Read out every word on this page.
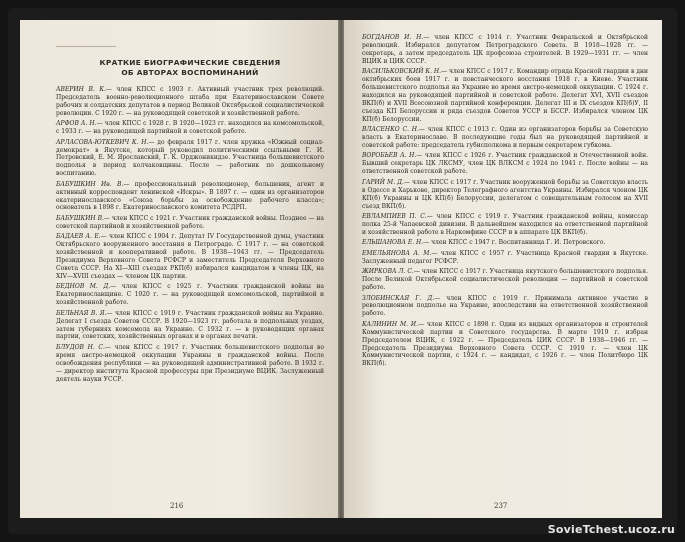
КРАТКИЕ БИОГРАФИЧЕСКИЕ СВЕДЕНИЯ
ОБ АВТОРАХ ВОСПОМИНАНИЙ

АВЕРИН В. К.— член КПСС с 1903 г. Активный участник трех революций. Председатель военно-революционного штаба при Екатеринославском Совете рабочих и солдатских депутатов в период Великой Октябрьской социалистической революции. С 1920 г. — на руководящей советской и хозяйственной работе.

АРФОВ А. Н.— член КПСС с 1928 г. В 1920—1923 гг. находился на комсомольской, с 1933 г. — на руководящей партийной и советской работе.

АРЛАСОВА-ЮТКЕВИЧ К. Н.— до февраля 1917 г. член кружка «Южный социал-демократ» в Якутске, который руководил политическими ссыльными Г. И. Петровский, Е. М. Ярославский, Г. К. Орджоникидзе. Участница большевистского подполья в период колчаковщины. После — работник по дошкольному воспитанию.

БАБУШКИН Ив. В.— профессиональный революционер, большевик, агент и активный корреспондент ленинской «Искры». В 1897 г. — один из организаторов екатеринославского «Союза борьбы за освобождение рабочего класса»; основатель в 1898 г. Екатеринославского комитета РСДРП.

БАБУШКИН В.— член КПСС с 1921 г. Участник гражданской войны. Позднее — на советской партийной и хозяйственной работе.

БАДАЕВ А. Е.— член КПСС с 1904 г. Депутат IV Государственной думы, участник Октябрьского вооруженного восстания в Петрограде. С 1917 г. — на советской хозяйственной и кооперативной работе. В 1938—1943 гг. — Председатель Президиума Верховного Совета РСФСР и заместитель Председателя Верховного Совета СССР. На XI—XIII съездах РКП(б) избирался кандидатом в члены ЦК, на XIV—XVIII съездах — членом ЦК партии.

БЕДНОВ М. Д.— член КПСС с 1925 г. Участник гражданской войны на Екатеринославщине. С 1920 г. — на руководящей комсомольской, партийной и хозяйственной работе.

БЕЛЬНАЯ В. Я.— член КПСС с 1919 г. Участник гражданской войны на Украине. Делегат I съезда Советов СССР. В 1920—1923 гг. работала в подпольных уездах, затем губерниях комсомола на Украине. С 1932 г. — в руководящих органах партии, советских, хозяйственных органах и в органах печати.

БЛУДОВ Н. С.— член КПСС с 1917 г. Участник большевистского подполья во время австро-немецкой оккупации Украины и гражданской войны. После освобождения республики — на руководящей административной работе. В 1932 г. — директор института Красной профессуры при Президиуме ВЦИК. Заслуженный деятель науки УССР.

216

БОГДАНОВ И. Н.— член КПСС с 1914 г. Участник Февральской и Октябрьской революций. Избирался депутатом Петроградского Совета. В 1918—1928 гг. — секретарь, а затем председатель ЦК профсоюза строителей. В 1929—1931 гг. — член ВЦИК и ЦИК СССР.

ВАСИЛЬКОВСКИЙ К. Н.— член КПСС с 1917 г. Командир отряда Красной гвардии в дни октябрьских боев 1917 г. и повстанческого восстания 1918 г. в Киеве. Участник большевистского подполья на Украине во время австро-немецкой оккупации. С 1924 г. находился на руководящей партийной и советской работе. Делегат XVI, XVII съездов ВКП(б) и XVII Всесоюзной партийной конференции. Делегат III и IX съездов КП(б)У, II съезда КП Белоруссии и ряда съездов Советов УССР и БССР. Избирался членом ЦК КП(б) Белоруссии.

ВЛАСЕНКО С. Н.— член КПСС с 1913 г. Один из организаторов борьбы за Советскую власть в Екатеринославе. В последующие годы был на руководящей партийной и советской работе: председатель губисполкома и первым секретарем губкома.

ВОРОБЬЕВ А. Н.— член КПСС с 1926 г. Участник гражданской и Отечественной войн. Бывший секретарь ЦК ЛКСМУ, член ЦК ВЛКСМ с 1924 по 1941 г. После войны — на ответственной советской работе.

ГАРИЙ М. Д.— член КПСС с 1917 г. Участник вооруженной борьбы за Советскую власть в Одессе и Харькове, директор Телеграфного агентства Украины. Избирался членом ЦК КП(б) Украины и ЦК КП(б) Белоруссии, делегатом с совещательным голосом на XVII съезд ВКП(б).

ЕВЛАМПИЕВ П. С.— член КПСС с 1919 г. Участник гражданской войны, комиссар полка 25-й Чапаевской дивизии. В дальнейшем находился на ответственной партийной и хозяйственной работе в Наркомфине СССР и в аппарате ЦК ВКП(б).

ЕЛЬШАНОВА Е. Н.— член КПСС с 1947 г. Воспитанница Г. И. Петровского.

ЕМЕЛЬЯНОВА А. М.— член КПСС с 1957 г. Участница Красной гвардии в Якутске. Заслуженный педагог РСФСР.

ЖИРКОВА Л. С.— член КПСС с 1917 г. Участница якутского большевистского подполья. После Великой Октябрьской социалистической революции — партийной и советской работе.

ЗЛОБИНСКАЯ Г. Д.— член КПСС с 1919 г. Принимала активное участие в революционном подполье на Украине, впоследствии на ответственной хозяйственной работе.

КАЛИНИН М. И.— член КПСС с 1898 г. Один из видных организаторов и строителей Коммунистической партии и Советского государства. В марте 1919 г. избран Председателем ВЦИК, с 1922 г. — Председатель ЦИК СССР. В 1938—1946 гг. — Председатель Президиума Верховного Совета СССР. С 1919 г. — член ЦК Коммунистической партии, с 1924 г. — кандидат, с 1926 г. — член Политбюро ЦК ВКП(б).

237
SovieTchest.ucoz.ru
